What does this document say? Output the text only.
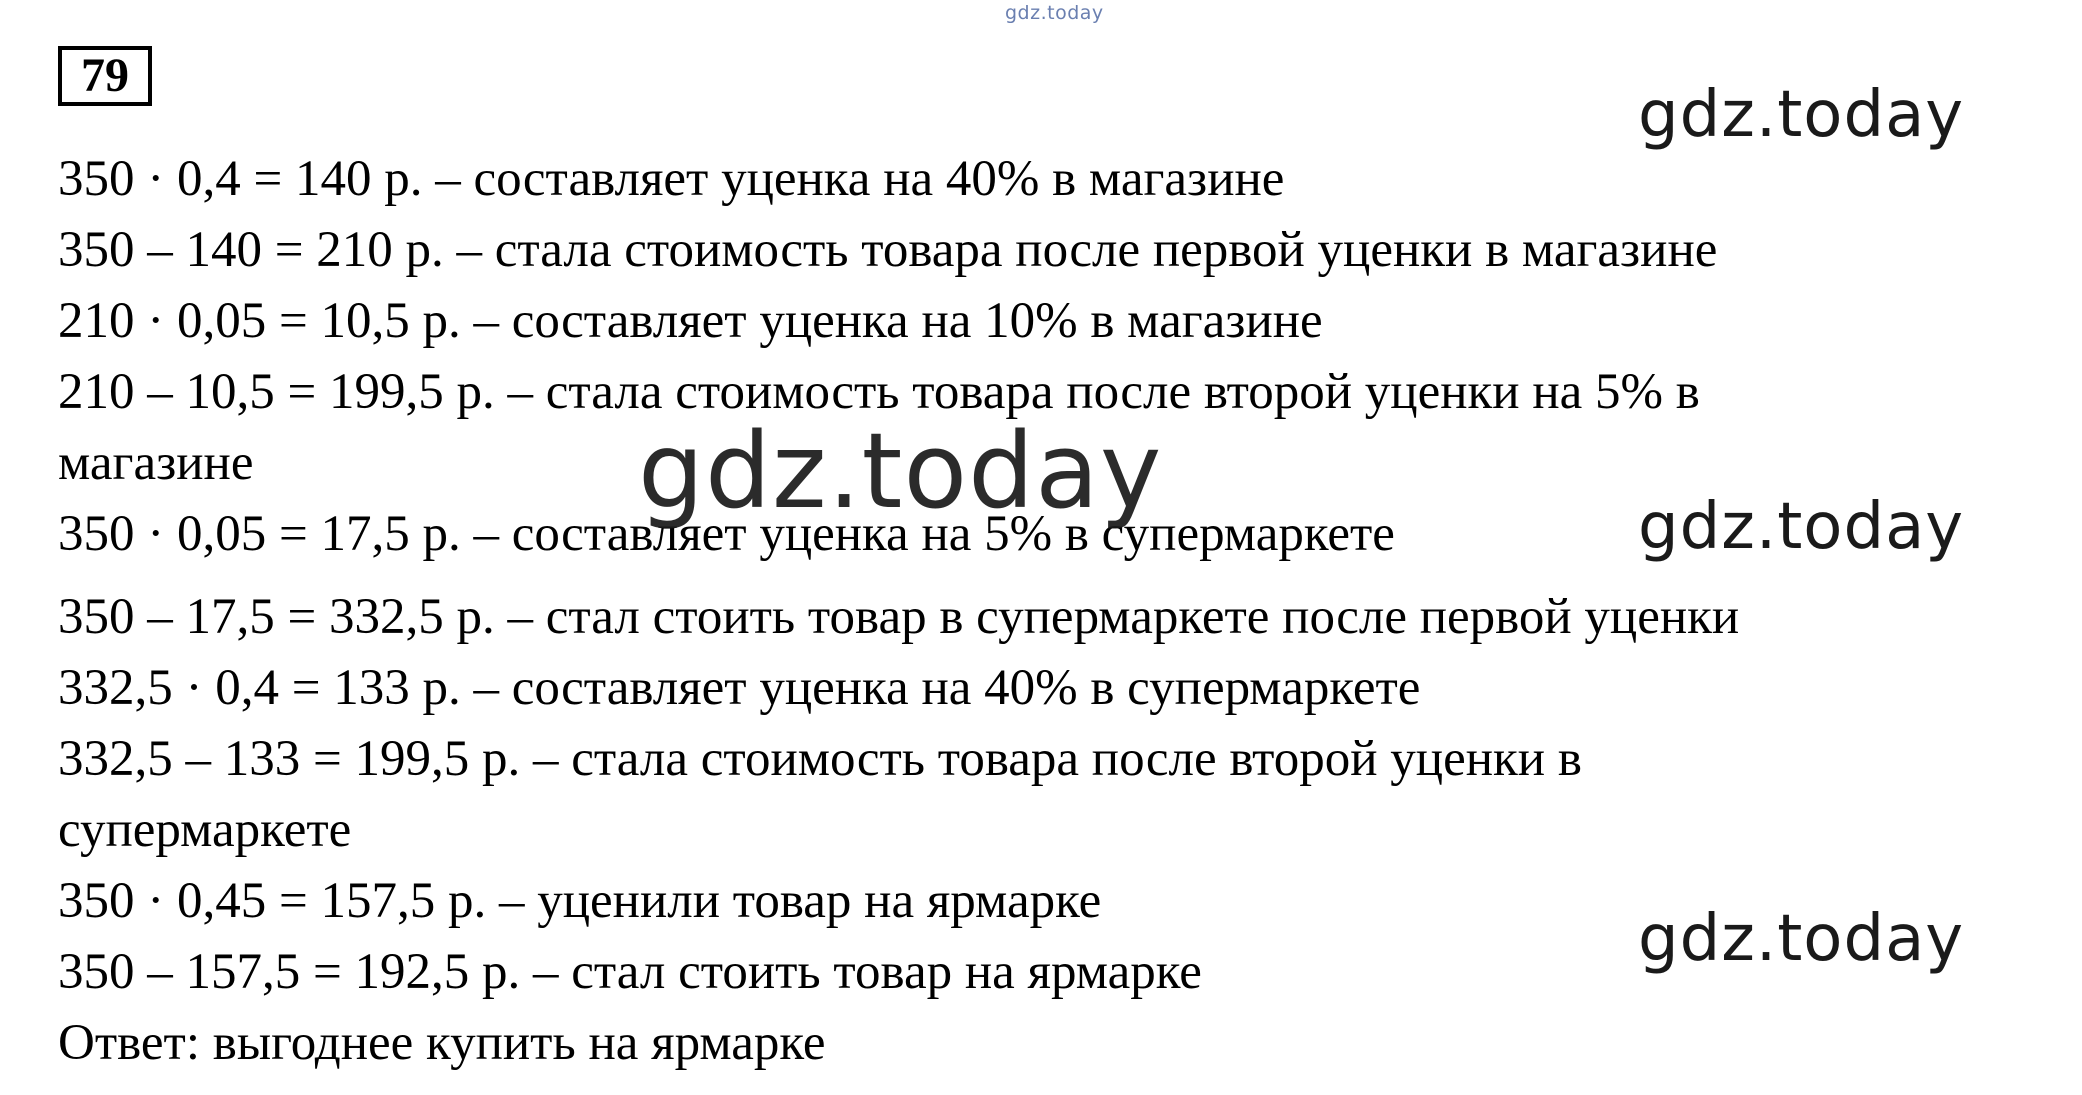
gdz.today
79
350 · 0,4 = 140 р. – составляет уценка на 40% в магазине
350 – 140 = 210 р. – стала стоимость товара после первой уценки в магазине
210 · 0,05 = 10,5 р. – составляет уценка на 10% в магазине
210 – 10,5 = 199,5 р. – стала стоимость товара после второй уценки на 5% в
магазине
350 · 0,05 = 17,5 р. – составляет уценка на 5% в супермаркете
350 – 17,5 = 332,5 р. – стал стоить товар в супермаркете после первой уценки
332,5 · 0,4 = 133 р. – составляет уценка на 40% в супермаркете
332,5 – 133 = 199,5 р. – стала стоимость товара после второй уценки в
супермаркете
350 · 0,45 = 157,5 р. – уценили товар на ярмарке
350 – 157,5 = 192,5 р. – стал стоить товар на ярмарке
Ответ: выгоднее купить на ярмарке
gdz.today
gdz.today	gdz.today
gdz.today
